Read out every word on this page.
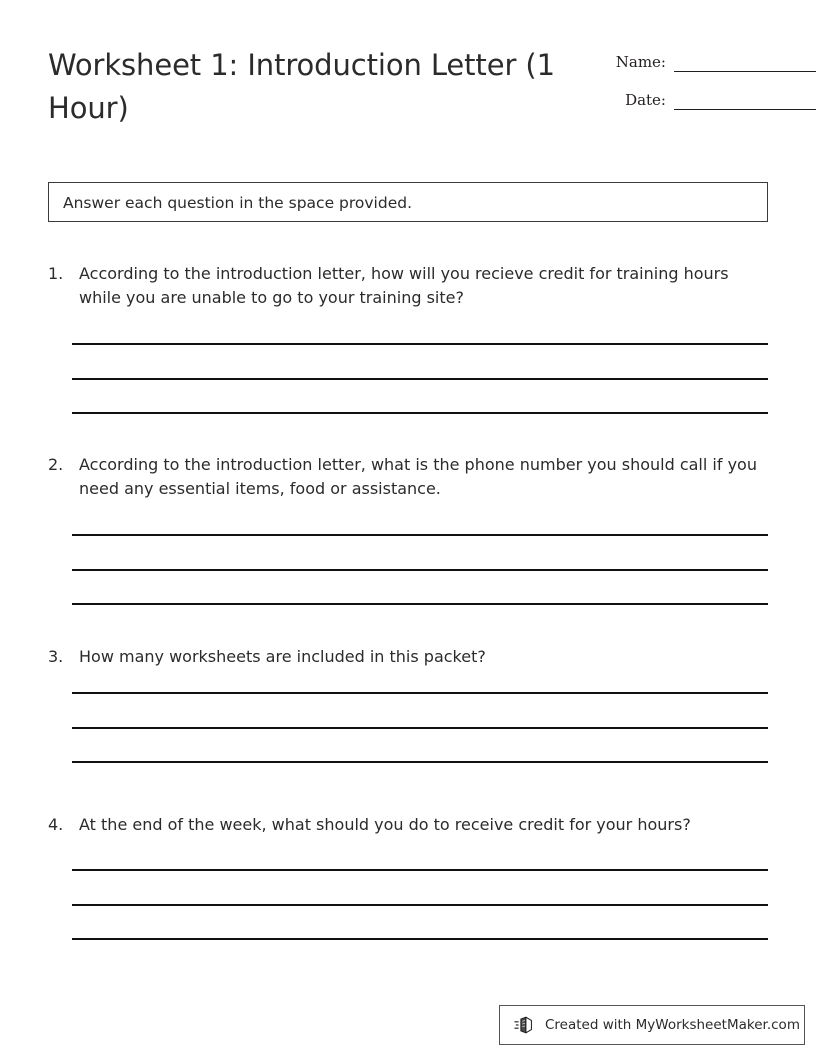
Worksheet 1: Introduction Letter (1 Hour)
Name:
Date:
Answer each question in the space provided.
1. According to the introduction letter, how will you recieve credit for training hours while you are unable to go to your training site?
2. According to the introduction letter, what is the phone number you should call if you need any essential items, food or assistance.
3. How many worksheets are included in this packet?
4. At the end of the week, what should you do to receive credit for your hours?
Created with MyWorksheetMaker.com
